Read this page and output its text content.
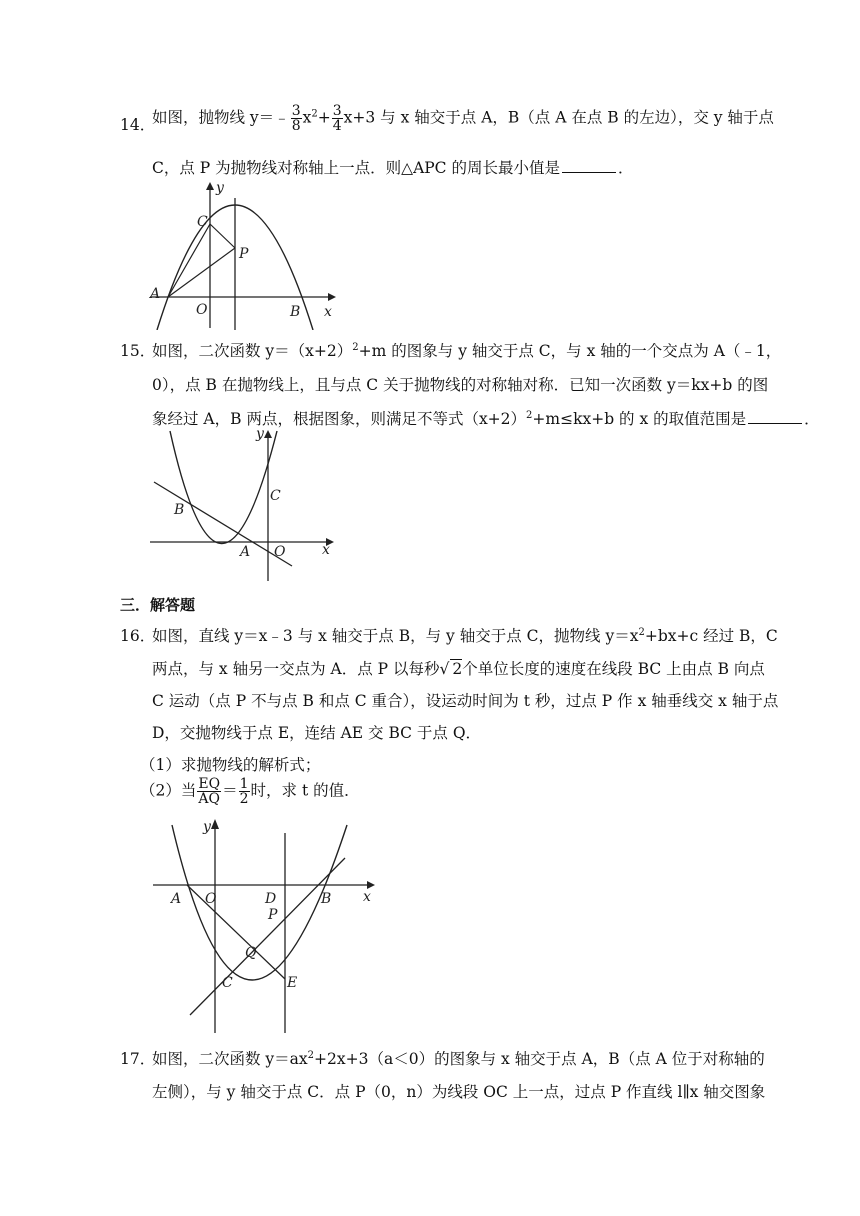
14．
如图，抛物线 y＝﹣ $\frac{3}{8} x^2+ \frac{3}{4} x+3$ 与 x 轴交于点 A，B（点 A 在点 B 的左边），交 y 轴于点
C，点 P 为抛物线对称轴上一点．则△APC 的周长最小值是	．
y
C
P
A
O	B x
15．
如图，二次函数 $y=(x+2)^2+m$ 的图象与 y 轴交于点 C，与 x 轴的一个交点为 A（﹣1，
0），点 B 在抛物线上，且与点 C 关于抛物线的对称轴对称．已知一次函数 y＝kx+b 的图
象经过 A，B 两点，根据图象，则满足不等式$(x+2)^2+m\le kx+b$ 的 x 的取值范围是	．
y
C
B
A O	x
三．解答题
16．
如图，直线 y＝x﹣3 与 x 轴交于点 B，与 y 轴交于点 C，抛物线 $y=x^2+bx+c$ 经过 B，C
两点，与 x 轴另一交点为 A．点 P 以每秒√ 2个单位长度的速度在线段 BC 上由点 B 向点
C 运动（点 P 不与点 B 和点 C 重合），设运动时间为 t 秒，过点 P 作 x 轴垂线交 x 轴于点
D，交抛物线于点 E，连结 AE 交 BC 于点 Q．
（1）求抛物线的解析式；
（2）当 $\frac{EQ}{AQ} = \frac{1}{2}$ 时，求 t 的值．
y
A O	D	B x
P
Q
C	E
17．
如图，二次函数 $y=ax^2+2x+3(a<0)$的图象与 x 轴交于点 A，B（点 A 位于对称轴的
左侧），与 y 轴交于点 C．点 P（0，n）为线段 OC 上一点，过点 P 作直线 l∥x 轴交图象
